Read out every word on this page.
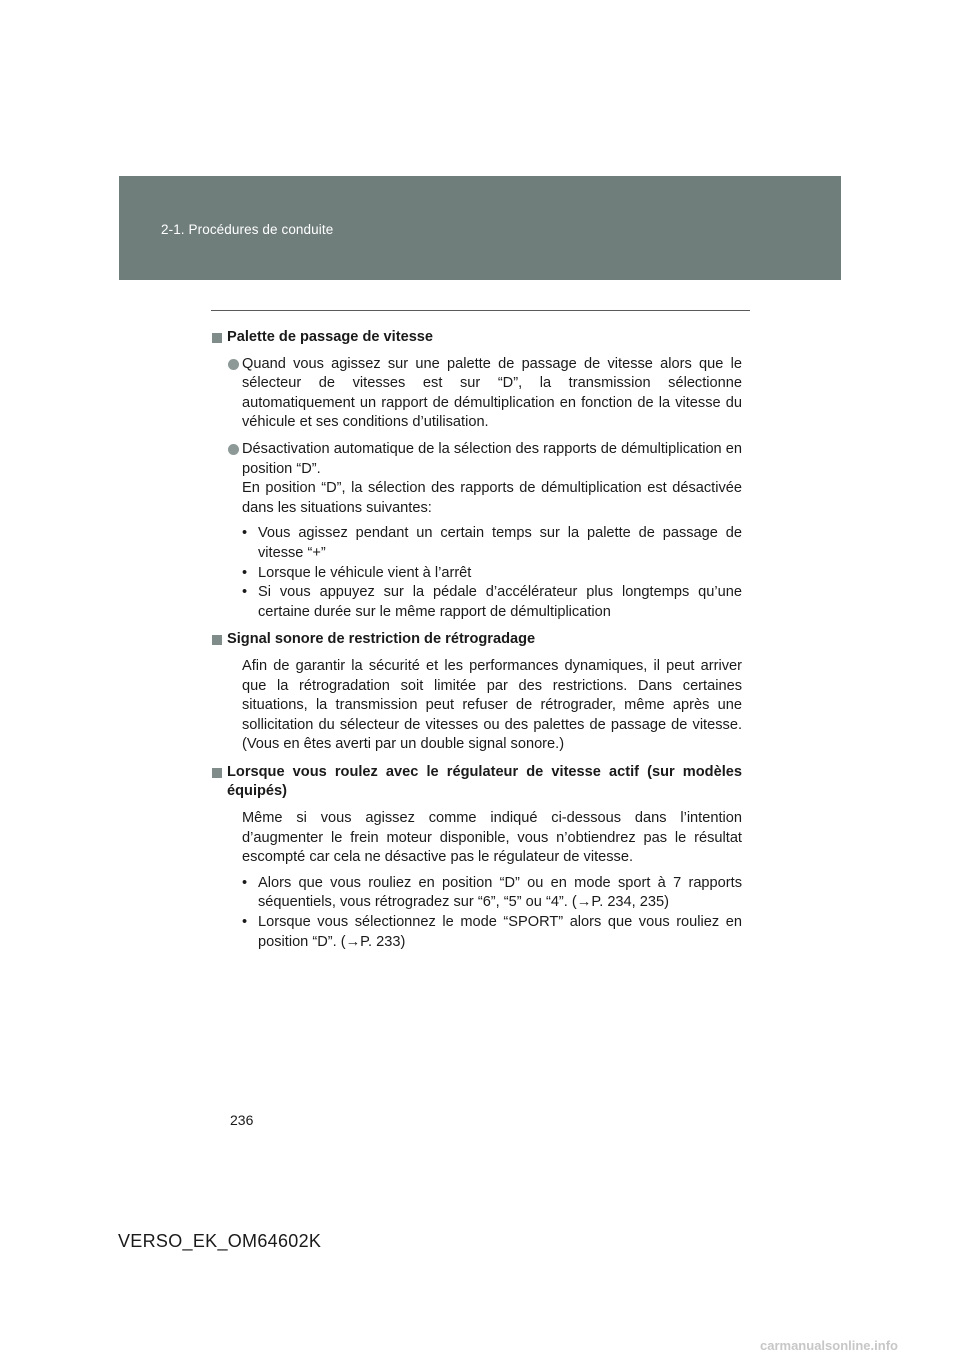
2-1. Procédures de conduite
Palette de passage de vitesse

Quand vous agissez sur une palette de passage de vitesse alors que le sélecteur de vitesses est sur “D”, la transmission sélectionne automatiquement un rapport de démultiplication en fonction de la vitesse du véhicule et ses conditions d’utilisation.

Désactivation automatique de la sélection des rapports de démultiplication en position “D”.

En position “D”, la sélection des rapports de démultiplication est désactivée dans les situations suivantes:

• Vous agissez pendant un certain temps sur la palette de passage de vitesse “+”
• Lorsque le véhicule vient à l’arrêt
• Si vous appuyez sur la pédale d’accélérateur plus longtemps qu’une certaine durée sur le même rapport de démultiplication
Signal sonore de restriction de rétrogradage

Afin de garantir la sécurité et les performances dynamiques, il peut arriver que la rétrogradation soit limitée par des restrictions. Dans certaines situations, la transmission peut refuser de rétrograder, même après une sollicitation du sélecteur de vitesses ou des palettes de passage de vitesse. (Vous en êtes averti par un double signal sonore.)

Lorsque vous roulez avec le régulateur de vitesse actif (sur modèles équipés)

Même si vous agissez comme indiqué ci-dessous dans l’intention d’augmenter le frein moteur disponible, vous n’obtiendrez pas le résultat escompté car cela ne désactive pas le régulateur de vitesse.

• Alors que vous rouliez en position “D” ou en mode sport à 7 rapports séquentiels, vous rétrogradez sur “6”, “5” ou “4”. (→P. 234, 235)
• Lorsque vous sélectionnez le mode “SPORT” alors que vous rouliez en position “D”. (→P. 233)
236
VERSO_EK_OM64602K
carmanualsonline.info
